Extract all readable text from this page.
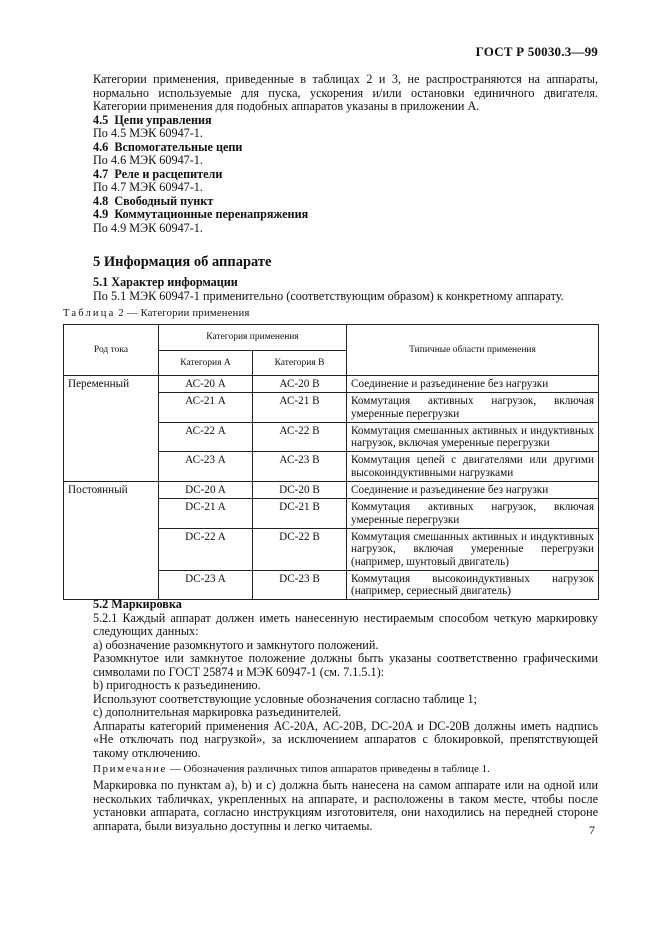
ГОСТ Р 50030.3—99

Категории применения, приведенные в таблицах 2 и 3, не распространяются на аппараты, нормально используемые для пуска, ускорения и/или остановки единичного двигателя. Категории применения для подобных аппаратов указаны в приложении А.

4.5 Цепи управления
По 4.5 МЭК 60947-1.
4.6 Вспомогательные цепи
По 4.6 МЭК 60947-1.
4.7 Реле и расцепители
По 4.7 МЭК 60947-1.
4.8 Свободный пункт
4.9 Коммутационные перенапряжения
По 4.9 МЭК 60947-1.
5 Информация об аппарате
5.1 Характер информации
По 5.1 МЭК 60947-1 применительно (соответствующим образом) к конкретному аппарату.
Таблица 2 — Категории применения
Род тока	Категория применения		Типичные области применения
	Категория А	Категория В	
Переменный	АС-20 А	АС-20 В	Соединение и разъединение без нагрузки
	АС-21 А	АС-21 В	Коммутация активных нагрузок, включая умеренные перегрузки
	АС-22 А	АС-22 В	Коммутация смешанных активных и индуктивных нагрузок, включая умеренные перегрузки
	АС-23 А	АС-23 В	Коммутация цепей с двигателями или другими высокоиндуктивными нагрузками
Постоянный	DC-20 A	DC-20 B	Соединение и разъединение без нагрузки
	DC-21 A	DC-21 B	Коммутация активных нагрузок, включая умеренные перегрузки
	DC-22 A	DC-22 B	Коммутация смешанных активных и индуктивных нагрузок, включая умеренные перегрузки (например, шунтовый двигатель)
	DC-23 A	DC-23 B	Коммутация высокоиндуктивных нагрузок (например, сериесный двигатель)
5.2 Маркировка

5.2.1 Каждый аппарат должен иметь нанесенную нестираемым способом четкую маркировку следующих данных:

а) обозначение разомкнутого и замкнутого положений.

Разомкнутое или замкнутое положение должны быть указаны соответственно графическими символами по ГОСТ 25874 и МЭК 60947-1 (см. 7.1.5.1):

b) пригодность к разъединению.

Используют соответствующие условные обозначения согласно таблице 1;

с) дополнительная маркировка разъединителей.

Аппараты категорий применения АС-20А, АС-20В, DC-20A и DC-20B должны иметь надпись «Не отключать под нагрузкой», за исключением аппаратов с блокировкой, препятствующей такому отключению.

Примечание — Обозначения различных типов аппаратов приведены в таблице 1.

Маркировка по пунктам а), b) и с) должна быть нанесена на самом аппарате или на одной или нескольких табличках, укрепленных на аппарате, и расположены в таком месте, чтобы после установки аппарата, согласно инструкциям изготовителя, они находились на передней стороне аппарата, были визуально доступны и легко читаемы.	7
